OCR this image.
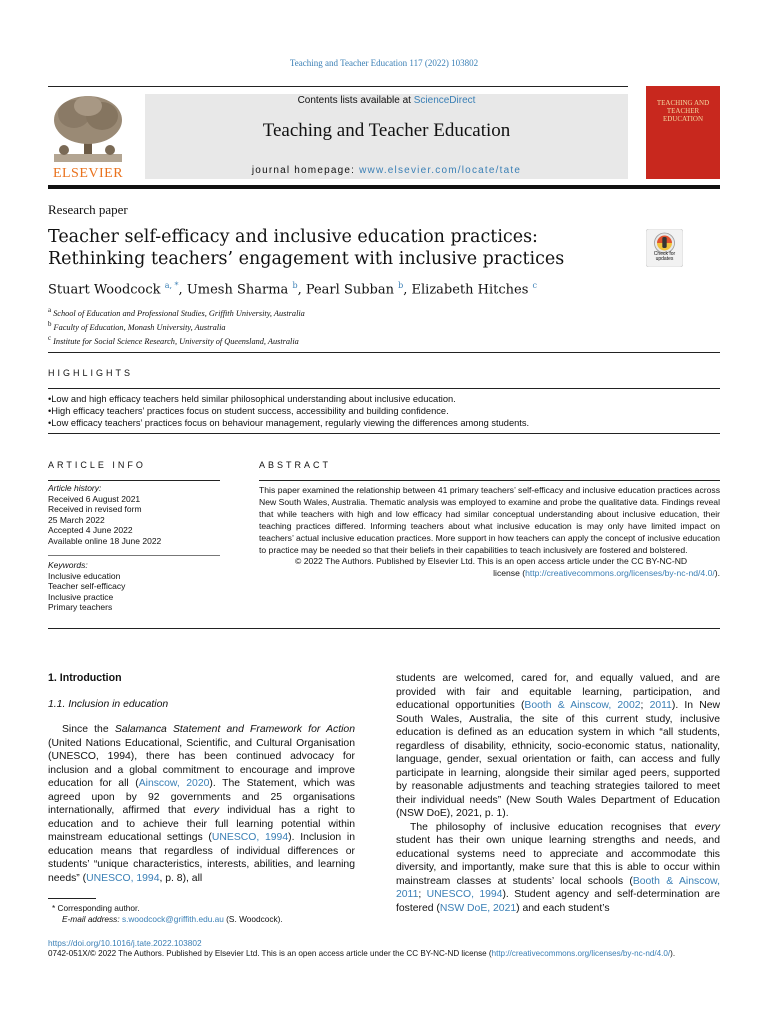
Teaching and Teacher Education 117 (2022) 103802
Contents lists available at ScienceDirect
Teaching and Teacher Education
journal homepage: www.elsevier.com/locate/tate
ELSEVIER
TEACHING AND TEACHER EDUCATION
Research paper
Teacher self-efficacy and inclusive education practices: Rethinking teachers’ engagement with inclusive practices	Check for updates
Stuart Woodcock $^{a, *}$, Umesh Sharma $^b$, Pearl Subban $^b$, Elizabeth Hitches $^c$
$^a$ School of Education and Professional Studies, Griffith University, Australia
$^b$ Faculty of Education, Monash University, Australia
$^c$ Institute for Social Science Research, University of Queensland, Australia
HIGHLIGHTS
• Low and high efficacy teachers held similar philosophical understanding about inclusive education.
• High efficacy teachers’ practices focus on student success, accessibility and building confidence.
• Low efficacy teachers’ practices focus on behaviour management, regularly viewing the differences among students.
ARTICLE INFO	ABSTRACT
Article history:
Received 6 August 2021
Received in revised form
25 March 2022
Accepted 4 June 2022
Available online 18 June 2022
Keywords:
Inclusive education
Teacher self-efficacy
Inclusive practice
Primary teachers
This paper examined the relationship between 41 primary teachers’ self-efficacy and inclusive education practices across New South Wales, Australia. Thematic analysis was employed to examine and probe the qualitative data. Findings reveal that while teachers with high and low efficacy had similar conceptual understanding about inclusive education, their teaching practices differed. Informing teachers about what inclusive education is may only have limited impact on teachers’ actual inclusive education practices. More support in how teachers can apply the concept of inclusive education to practice may be needed so that their beliefs in their capabilities to teach inclusively are fostered and bolstered.
© 2022 The Authors. Published by Elsevier Ltd. This is an open access article under the CC BY-NC-ND
license (http://creativecommons.org/licenses/by-nc-nd/4.0/).
1. Introduction
1.1. Inclusion in education

Since the Salamanca Statement and Framework for Action (United Nations Educational, Scientific, and Cultural Organisation (UNESCO, 1994), there has been continued advocacy for inclusion and a global commitment to encourage and improve education for all (Ainscow, 2020). The Statement, which was agreed upon by 92 governments and 25 organisations internationally, affirmed that every individual has a right to education and to achieve their full learning potential within mainstream educational settings (UNESCO, 1994). Inclusion in education means that regardless of individual differences or students’ “unique characteristics, interests, abilities, and learning needs” (UNESCO, 1994, p. 8), all

students are welcomed, cared for, and equally valued, and are provided with fair and equitable learning, participation, and educational opportunities (Booth & Ainscow, 2002; 2011). In New South Wales, Australia, the site of this current study, inclusive education is defined as an education system in which “all students, regardless of disability, ethnicity, socio-economic status, nationality, language, gender, sexual orientation or faith, can access and fully participate in learning, alongside their similar aged peers, supported by reasonable adjustments and teaching strategies tailored to meet their individual needs” (New South Wales Department of Education (NSW DoE), 2021, p. 1).

The philosophy of inclusive education recognises that every student has their own unique learning strengths and needs, and educational systems need to appreciate and accommodate this diversity, and importantly, make sure that this is able to occur within mainstream classes at students’ local schools (Booth & Ainscow, 2011; UNESCO, 1994). Student agency and self-determination are fostered (NSW DoE, 2021) and each student’s

* Corresponding author.
E-mail address: s.woodcock@griffith.edu.au (S. Woodcock).
https://doi.org/10.1016/j.tate.2022.103802
0742-051X/© 2022 The Authors. Published by Elsevier Ltd. This is an open access article under the CC BY-NC-ND license (http://creativecommons.org/licenses/by-nc-nd/4.0/).
